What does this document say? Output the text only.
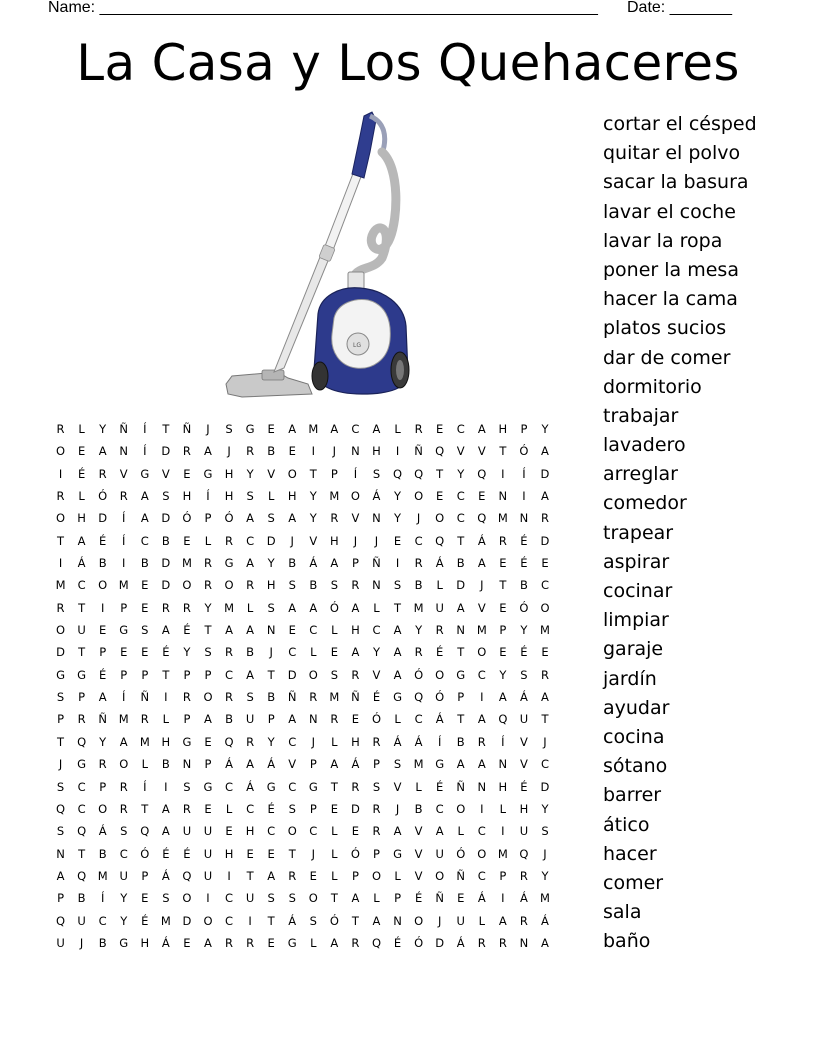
Name: ________________________________________________________ Date: _______
La Casa y Los Quehaceres
LG
cortar el césped
quitar el polvo
sacar la basura
lavar el coche
lavar la ropa
poner la mesa
hacer la cama
platos sucios
dar de comer
dormitorio
trabajar
lavadero
arreglar
comedor
trapear
aspirar
cocinar
limpiar
garaje
jardín
ayudar
cocina
sótano
barrer
ático
hacer
comer
sala
baño
R	L	Y	Ñ	Í	T	Ñ	J	S	G	E	A	M	A	C	A	L	R	E	C	A	H	P	Y
O	E	A	N	Í	D	R	A	J	R	B	E	I	J	N	H	I	Ñ	Q	V	V	T	Ó	A
I	É	R	V	G	V	E	G	H	Y	V	O	T	P	Í	S	Q	Q	T	Y	Q	I	Í	D
R	L	Ó	R	A	S	H	Í	H	S	L	H	Y	M	O	Á	Y	O	E	C	E	N	I	A
O	H	D	Í	A	D	Ó	P	Ó	A	S	A	Y	R	V	N	Y	J	O	C	Q	M	N	R
T	A	É	Í	C	B	E	L	R	C	D	J	V	H	J	J	E	C	Q	T	Á	R	É	D
I	Á	B	I	B	D	M	R	G	A	Y	B	Á	A	P	Ñ	I	R	Á	B	A	E	É	E
M	C	O	M	E	D	O	R	O	R	H	S	B	S	R	N	S	B	L	D	J	T	B	C
R	T	I	P	E	R	R	Y	M	L	S	A	A	Ó	A	L	T	M	U	A	V	E	Ó	O
O	U	E	G	S	A	É	T	A	A	N	E	C	L	H	C	A	Y	R	N	M	P	Y	M
D	T	P	E	E	É	Y	S	R	B	J	C	L	E	A	Y	A	R	É	T	O	E	É	E
G	G	É	P	P	T	P	P	C	A	T	D	O	S	R	V	A	Ó	O	G	C	Y	S	R
S	P	A	Í	Ñ	I	R	O	R	S	B	Ñ	R	M	Ñ	É	G	Q	Ó	P	I	A	Á	A
P	R	Ñ	M	R	L	P	A	B	U	P	A	N	R	E	Ó	L	C	Á	T	A	Q	U	T
T	Q	Y	A	M	H	G	E	Q	R	Y	C	J	L	H	R	Á	Á	Í	B	R	Í	V	J
J	G	R	O	L	B	N	P	Á	A	Á	V	P	A	Á	P	S	M	G	A	A	N	V	C
S	C	P	R	Í	I	S	G	C	Á	G	C	G	T	R	S	V	L	É	Ñ	N	H	É	D
Q	C	O	R	T	A	R	E	L	C	É	S	P	E	D	R	J	B	C	O	I	L	H	Y
S	Q	Á	S	Q	A	U	U	E	H	C	O	C	L	E	R	A	V	A	L	C	I	U	S
N	T	B	C	Ó	É	É	U	H	E	E	T	J	L	Ó	P	G	V	U	Ó	O	M	Q	J
A	Q	M	U	P	Á	Q	U	I	T	A	R	E	L	P	O	L	V	O	Ñ	C	P	R	Y
P	B	Í	Y	E	S	O	I	C	U	S	S	O	T	A	L	P	É	Ñ	E	Á	I	Á	M
Q	U	C	Y	É	M	D	O	C	I	T	Á	S	Ó	T	A	N	O	J	U	L	A	R	Á
U	J	B	G	H	Á	E	A	R	R	E	G	L	A	R	Q	É	Ó	D	Á	R	R	N	A
